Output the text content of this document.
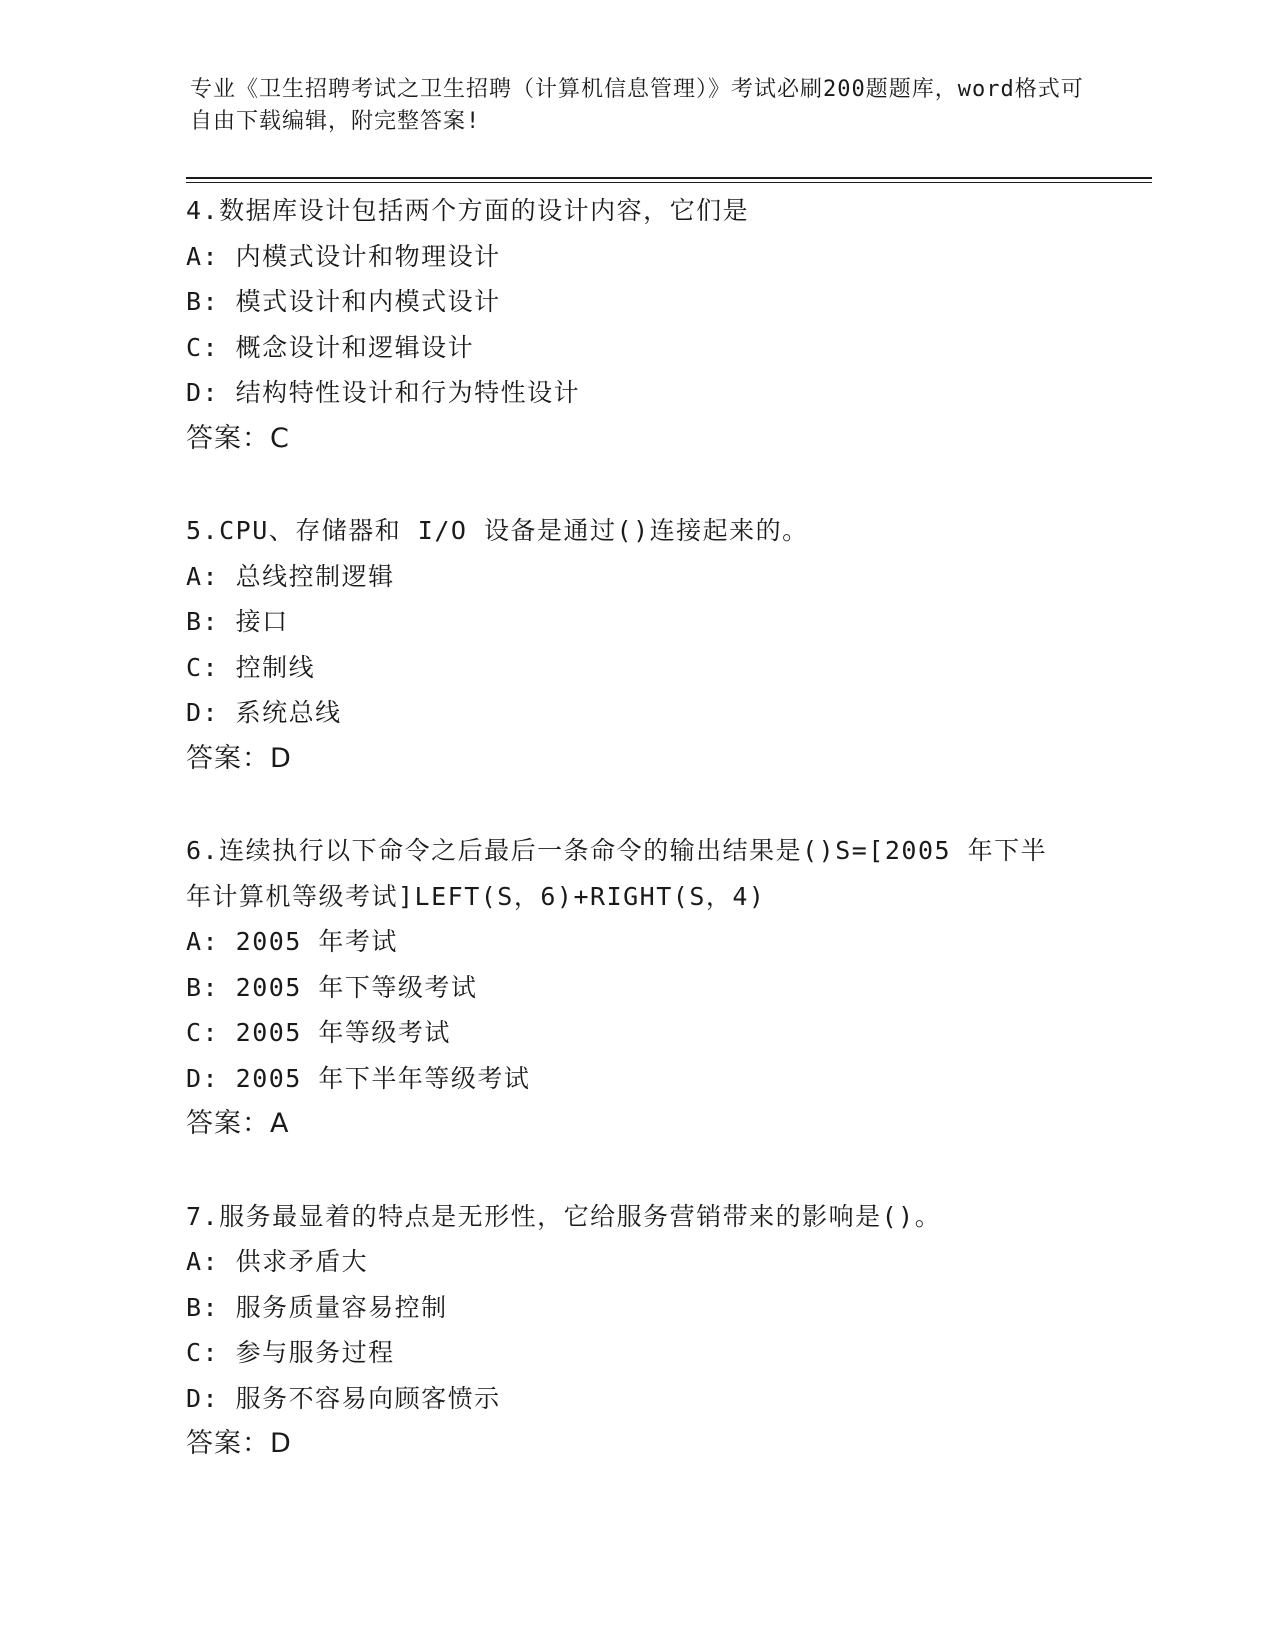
专业《卫生招聘考试之卫生招聘（计算机信息管理）》考试必刷200题题库，word格式可自由下载编辑，附完整答案!
4.数据库设计包括两个方面的设计内容，它们是
A: 内模式设计和物理设计
B: 模式设计和内模式设计
C: 概念设计和逻辑设计
D: 结构特性设计和行为特性设计
答案：C
5.CPU、存储器和 I/O 设备是通过()连接起来的。
A: 总线控制逻辑
B: 接口
C: 控制线
D: 系统总线
答案：D
6.连续执行以下命令之后最后一条命令的输出结果是()S=[2005 年下半年计算机等级考试]LEFT(S，6)+RIGHT(S，4)
A: 2005 年考试
B: 2005 年下等级考试
C: 2005 年等级考试
D: 2005 年下半年等级考试
答案：A
7.服务最显着的特点是无形性，它给服务营销带来的影响是()。
A: 供求矛盾大
B: 服务质量容易控制
C: 参与服务过程
D: 服务不容易向顾客愤示
答案：D
